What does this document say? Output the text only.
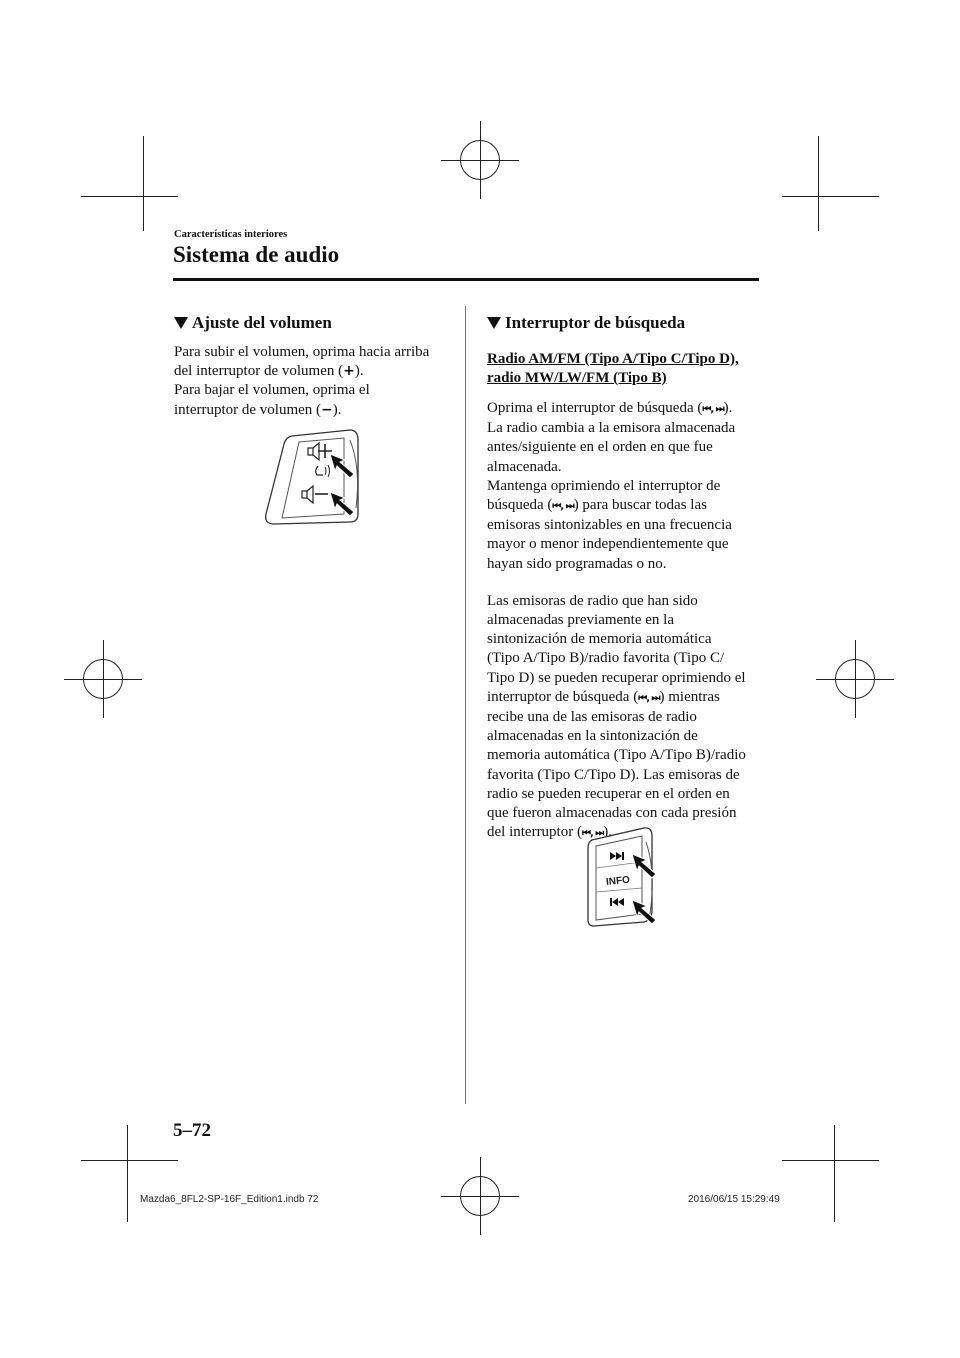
Características interiores
Sistema de audio
Ajuste del volumen

Para subir el volumen, oprima hacia arriba
del interruptor de volumen (+).
Para bajar el volumen, oprima el
interruptor de volumen (−).

Interruptor de búsqueda
Radio AM/FM (Tipo A/Tipo C/Tipo D),
radio MW/LW/FM (Tipo B)

Oprima el interruptor de búsqueda (⏮, ⏭).
La radio cambia a la emisora almacenada
antes/siguiente en el orden en que fue
almacenada.
Mantenga oprimiendo el interruptor de
búsqueda (⏮, ⏭) para buscar todas las
emisoras sintonizables en una frecuencia
mayor o menor independientemente que
hayan sido programadas o no.

Las emisoras de radio que han sido
almacenadas previamente en la
sintonización de memoria automática
(Tipo A/Tipo B)/radio favorita (Tipo C/
Tipo D) se pueden recuperar oprimiendo el
interruptor de búsqueda (⏮, ⏭) mientras
recibe una de las emisoras de radio
almacenadas en la sintonización de
memoria automática (Tipo A/Tipo B)/radio
favorita (Tipo C/Tipo D). Las emisoras de
radio se pueden recuperar en el orden en
que fueron almacenadas con cada presión
del interruptor (⏮, ⏭).

INFO
5–72
Mazda6_8FL2-SP-16F_Edition1.indb 72	2016/06/15 15:29:49
